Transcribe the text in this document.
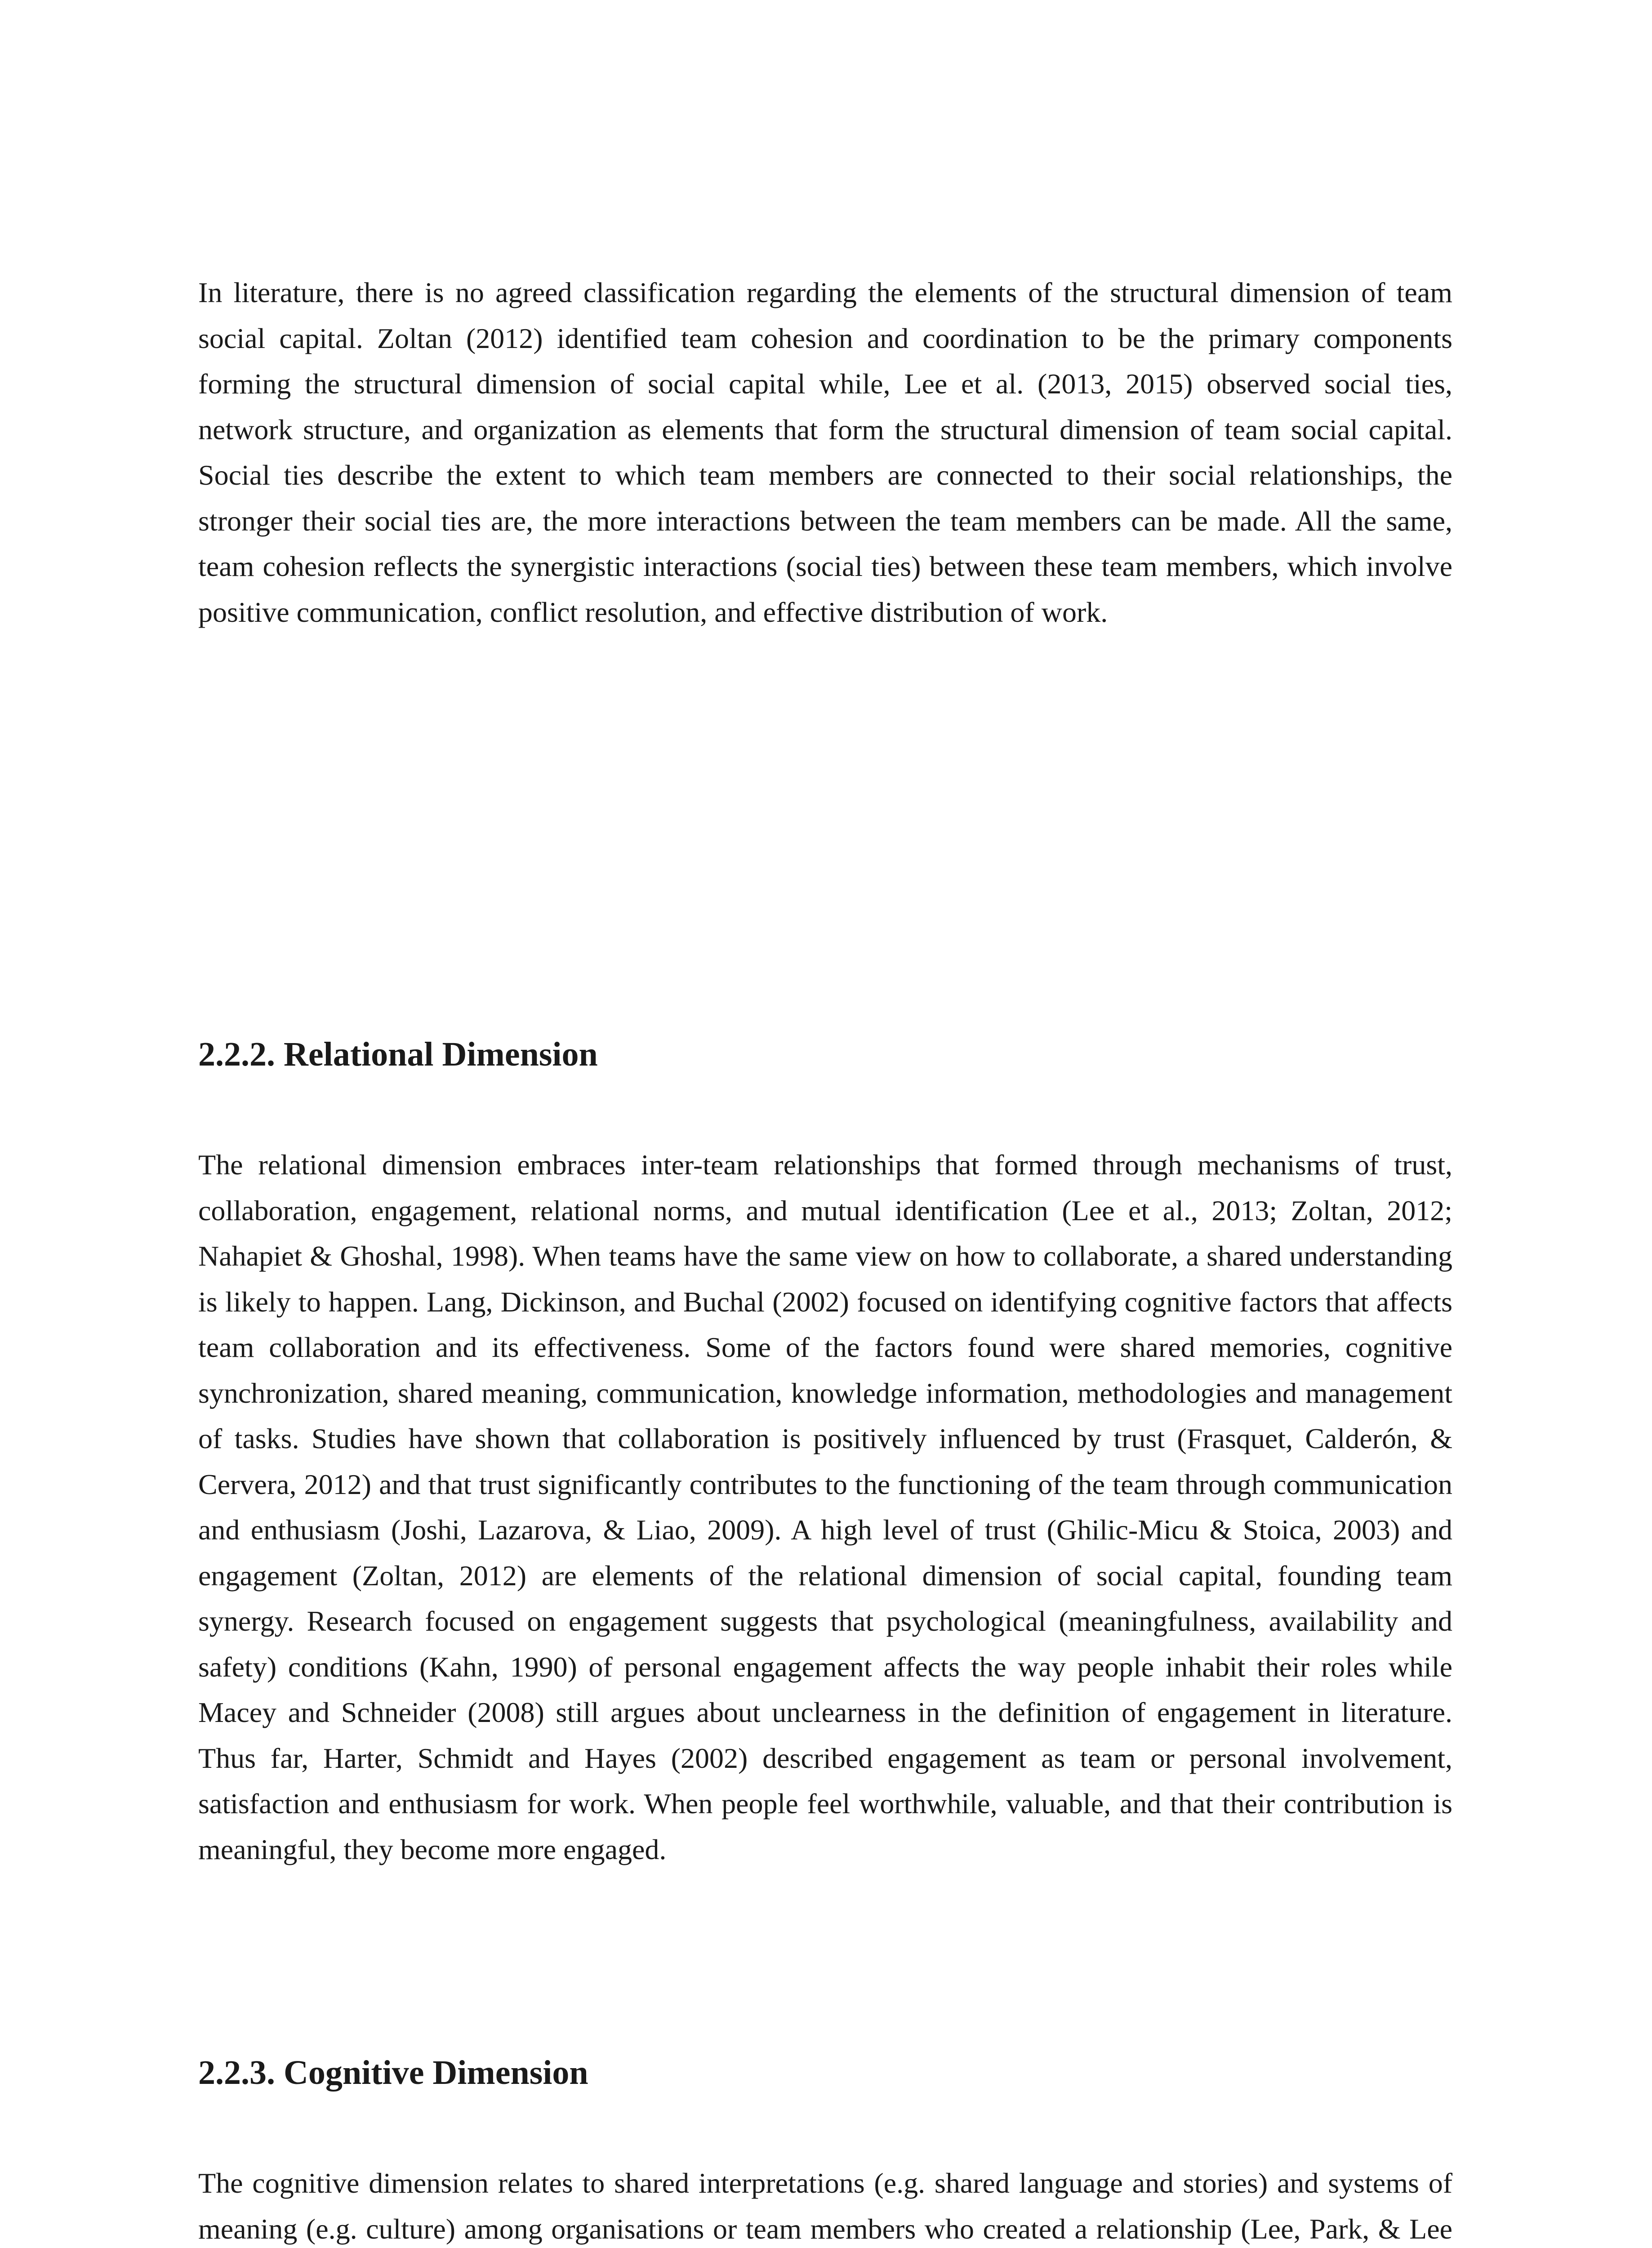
In literature, there is no agreed classification regarding the elements of the structural dimension of team social capital. Zoltan (2012) identified team cohesion and coordination to be the primary components forming the structural dimension of social capital while, Lee et al. (2013, 2015) observed social ties, network structure, and organization as elements that form the structural dimension of team social capital. Social ties describe the extent to which team members are connected to their social relationships, the stronger their social ties are, the more interactions between the team members can be made. All the same, team cohesion reflects the synergistic interactions (social ties) between these team members, which involve positive communication, conflict resolution, and effective distribution of work.

2.2.2. Relational Dimension

The relational dimension embraces inter-team relationships that formed through mechanisms of trust, collaboration, engagement, relational norms, and mutual identification (Lee et al., 2013; Zoltan, 2012; Nahapiet & Ghoshal, 1998). When teams have the same view on how to collaborate, a shared understanding is likely to happen. Lang, Dickinson, and Buchal (2002) focused on identifying cognitive factors that affects team collaboration and its effectiveness. Some of the factors found were shared memories, cognitive synchronization, shared meaning, communication, knowledge information, methodologies and management of tasks. Studies have shown that collaboration is positively influenced by trust (Frasquet, Calderón, & Cervera, 2012) and that trust significantly contributes to the functioning of the team through communication and enthusiasm (Joshi, Lazarova, & Liao, 2009). A high level of trust (Ghilic-Micu & Stoica, 2003) and engagement (Zoltan, 2012) are elements of the relational dimension of social capital, founding team synergy. Research focused on engagement suggests that psychological (meaningfulness, availability and safety) conditions (Kahn, 1990) of personal engagement affects the way people inhabit their roles while Macey and Schneider (2008) still argues about unclearness in the definition of engagement in literature. Thus far, Harter, Schmidt and Hayes (2002) described engagement as team or personal involvement, satisfaction and enthusiasm for work. When people feel worthwhile, valuable, and that their contribution is meaningful, they become more engaged.

2.2.3. Cognitive Dimension

The cognitive dimension relates to shared interpretations (e.g. shared language and stories) and systems of meaning (e.g. culture) among organisations or team members who created a relationship (Lee, Park, & Lee
